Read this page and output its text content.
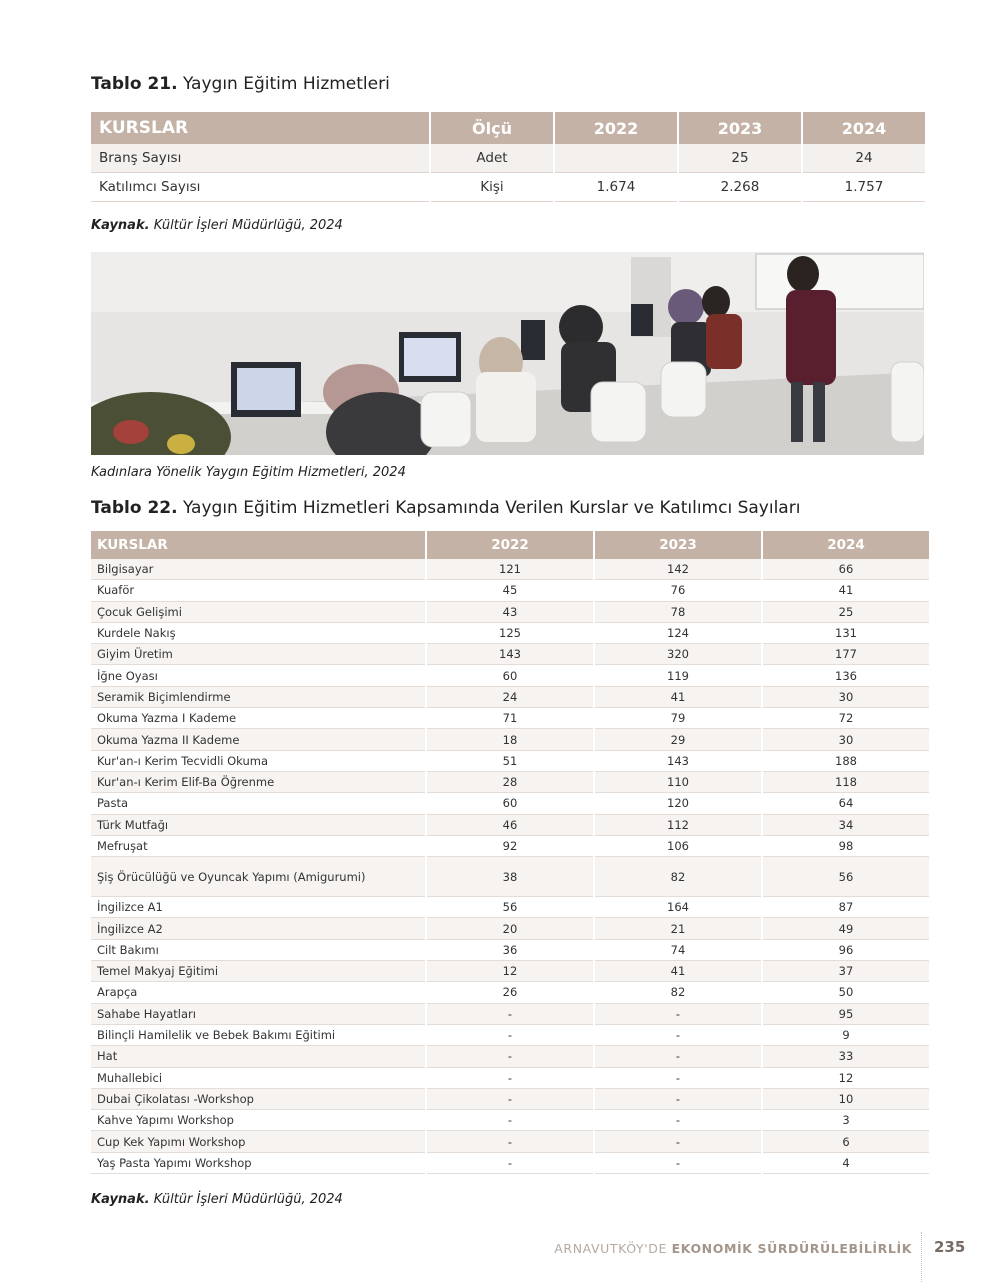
Tablo 21. Yaygın Eğitim Hizmetleri
KURSLAR	Ölçü	2022	2023	2024
Branş Sayısı	Adet		25	24
Katılımcı Sayısı	Kişi	1.674	2.268	1.757
Kaynak. Kültür İşleri Müdürlüğü, 2024
Kadınlara Yönelik Yaygın Eğitim Hizmetleri, 2024
Tablo 22. Yaygın Eğitim Hizmetleri Kapsamında Verilen Kurslar ve Katılımcı Sayıları
KURSLAR	2022	2023	2024
Bilgisayar	121	142	66
Kuaför	45	76	41
Çocuk Gelişimi	43	78	25
Kurdele Nakış	125	124	131
Giyim Üretim	143	320	177
İğne Oyası	60	119	136
Seramik Biçimlendirme	24	41	30
Okuma Yazma I Kademe	71	79	72
Okuma Yazma II Kademe	18	29	30
Kur'an-ı Kerim Tecvidli Okuma	51	143	188
Kur'an-ı Kerim Elif-Ba Öğrenme	28	110	118
Pasta	60	120	64
Türk Mutfağı	46	112	34
Mefruşat	92	106	98
Şiş Örücülüğü ve Oyuncak Yapımı (Amigurumi)	38	82	56
İngilizce A1	56	164	87
İngilizce A2	20	21	49
Cilt Bakımı	36	74	96
Temel Makyaj Eğitimi	12	41	37
Arapça	26	82	50
Sahabe Hayatları	-	-	95
Bilinçli Hamilelik ve Bebek Bakımı Eğitimi	-	-	9
Hat	-	-	33
Muhallebici	-	-	12
Dubai Çikolatası -Workshop	-	-	10
Kahve Yapımı Workshop	-	-	3
Cup Kek Yapımı Workshop	-	-	6
Yaş Pasta Yapımı Workshop	-	-	4
Kaynak. Kültür İşleri Müdürlüğü, 2024
ARNAVUTKÖY'DE EKONOMİK SÜRDÜRÜLEBİLİRLİK 235
